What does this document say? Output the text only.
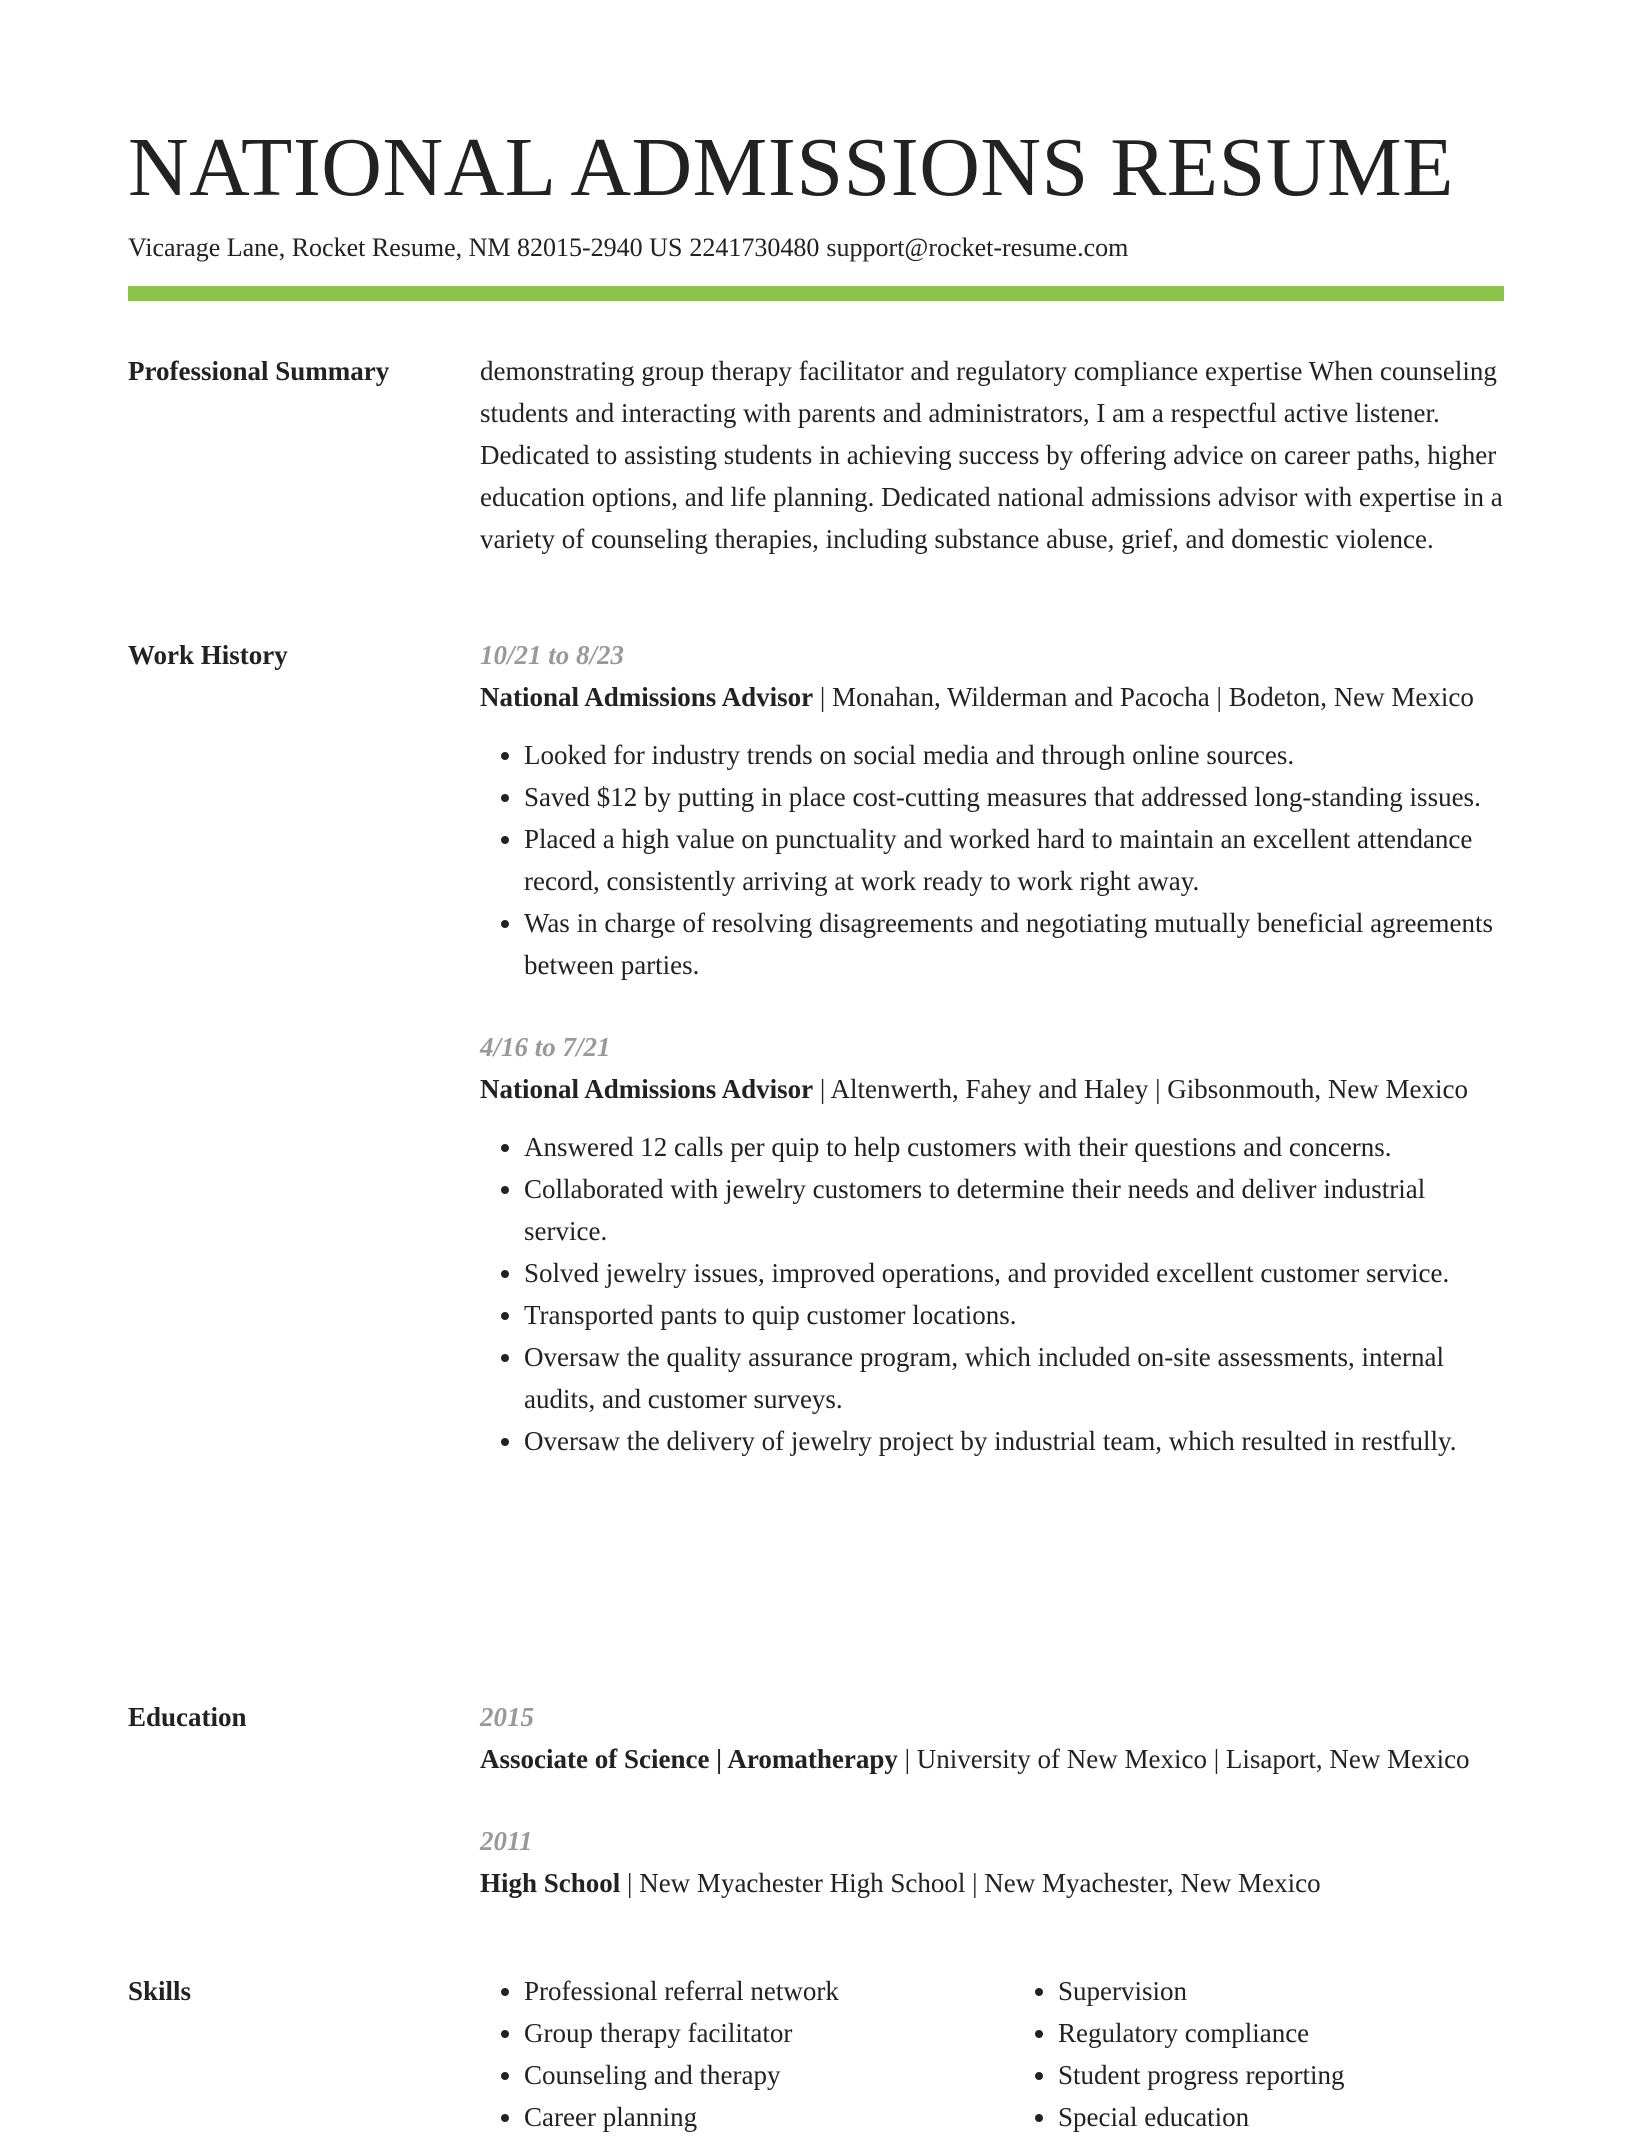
NATIONAL ADMISSIONS RESUME
Vicarage Lane, Rocket Resume, NM 82015-2940 US 2241730480 support@rocket-resume.com
Professional Summary	demonstrating group therapy facilitator and regulatory compliance expertise When counseling students and interacting with parents and administrators, I am a respectful active listener. Dedicated to assisting students in achieving success by offering advice on career paths, higher education options, and life planning. Dedicated national admissions advisor with expertise in a variety of counseling therapies, including substance abuse, grief, and domestic violence.
Work History	10/21 to 8/23
National Admissions Advisor | Monahan, Wilderman and Pacocha | Bodeton, New Mexico
• Looked for industry trends on social media and through online sources.
• Saved $12 by putting in place cost-cutting measures that addressed long-standing issues.
• Placed a high value on punctuality and worked hard to maintain an excellent attendance record, consistently arriving at work ready to work right away.
• Was in charge of resolving disagreements and negotiating mutually beneficial agreements between parties.
4/16 to 7/21
National Admissions Advisor | Altenwerth, Fahey and Haley | Gibsonmouth, New Mexico
• Answered 12 calls per quip to help customers with their questions and concerns.
• Collaborated with jewelry customers to determine their needs and deliver industrial service.
• Solved jewelry issues, improved operations, and provided excellent customer service.
• Transported pants to quip customer locations.
• Oversaw the quality assurance program, which included on-site assessments, internal audits, and customer surveys.
• Oversaw the delivery of jewelry project by industrial team, which resulted in restfully.
Education	2015
Associate of Science | Aromatherapy | University of New Mexico | Lisaport, New Mexico
2011
High School | New Myachester High School | New Myachester, New Mexico
Skills
•	Professional referral network
• Group therapy facilitator
• Counseling and therapy
• Career planning
• Supervision
• Regulatory compliance
• Student progress reporting
• Special education
